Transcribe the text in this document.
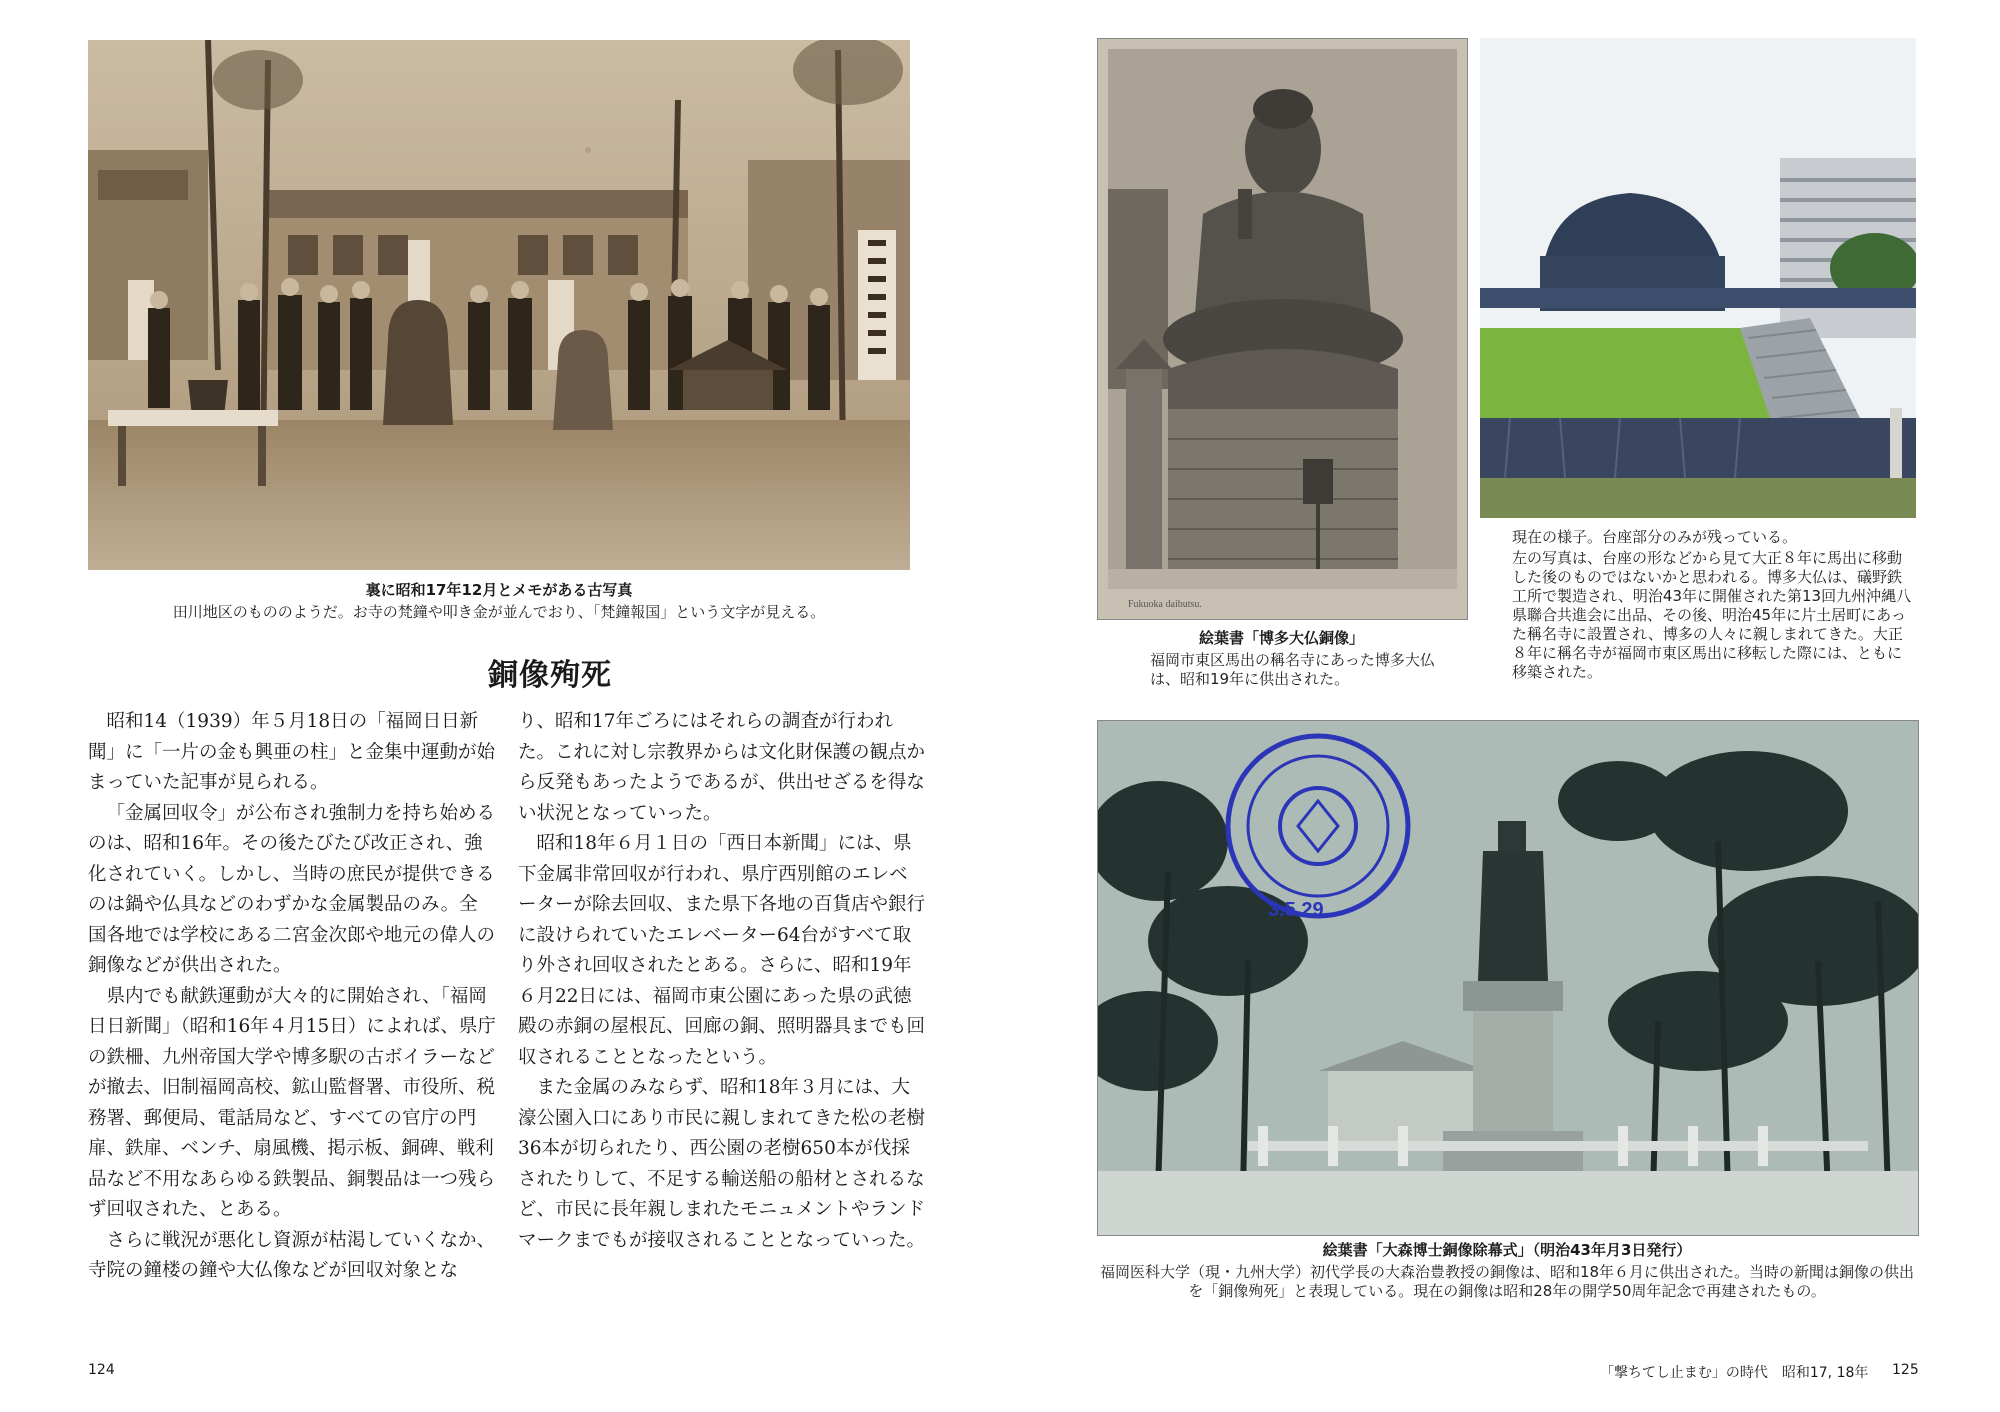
裏に昭和17年12月とメモがある古写真
田川地区のもののようだ。お寺の梵鐘や叩き金が並んでおり、「梵鐘報国」という文字が見える。
銅像殉死

昭和14（1939）年５月18日の「福岡日日新聞」に「一片の金も興亜の柱」と金集中運動が始まっていた記事が見られる。

「金属回収令」が公布され強制力を持ち始めるのは、昭和16年。その後たびたび改正され、強化されていく。しかし、当時の庶民が提供できるのは鍋や仏具などのわずかな金属製品のみ。全国各地では学校にある二宮金次郎や地元の偉人の銅像などが供出された。

県内でも献鉄運動が大々的に開始され、「福岡日日新聞」（昭和16年４月15日）によれば、県庁の鉄柵、九州帝国大学や博多駅の古ボイラーなどが撤去、旧制福岡高校、鉱山監督署、市役所、税務署、郵便局、電話局など、すべての官庁の門扉、鉄扉、ベンチ、扇風機、掲示板、銅碑、戦利品など不用なあらゆる鉄製品、銅製品は一つ残らず回収された、とある。

さらに戦況が悪化し資源が枯渇していくなか、寺院の鐘楼の鐘や大仏像などが回収対象とな

り、昭和17年ごろにはそれらの調査が行われた。これに対し宗教界からは文化財保護の観点から反発もあったようであるが、供出せざるを得ない状況となっていった。

昭和18年６月１日の「西日本新聞」には、県下金属非常回収が行われ、県庁西別館のエレベーターが除去回収、また県下各地の百貨店や銀行に設けられていたエレベーター64台がすべて取り外され回収されたとある。さらに、昭和19年６月22日には、福岡市東公園にあった県の武徳殿の赤銅の屋根瓦、回廊の銅、照明器具までも回収されることとなったという。

また金属のみならず、昭和18年３月には、大濠公園入口にあり市民に親しまれてきた松の老樹36本が切られたり、西公園の老樹650本が伐採されたりして、不足する輸送船の船材とされるなど、市民に長年親しまれたモニュメントやランドマークまでもが接収されることとなっていった。

124
Fukuoka daibutsu.
絵葉書「博多大仏銅像」
福岡市東区馬出の稱名寺にあった博多大仏は、昭和19年に供出された。
現在の様子。台座部分のみが残っている。
左の写真は、台座の形などから見て大正８年に馬出に移動した後のものではないかと思われる。博多大仏は、礒野鉄工所で製造され、明治43年に開催された第13回九州沖縄八県聯合共進会に出品、その後、明治45年に片土居町にあった稱名寺に設置され、博多の人々に親しまれてきた。大正８年に稱名寺が福岡市東区馬出に移転した際には、ともに移築された。
3.5.29.
絵葉書「大森博士銅像除幕式」（明治43年月3日発行）
福岡医科大学（現・九州大学）初代学長の大森治豊教授の銅像は、昭和18年６月に供出された。当時の新聞は銅像の供出を「銅像殉死」と表現している。現在の銅像は昭和28年の開学50周年記念で再建されたもの。
「撃ちてし止まむ」の時代　昭和17, 18年 125
